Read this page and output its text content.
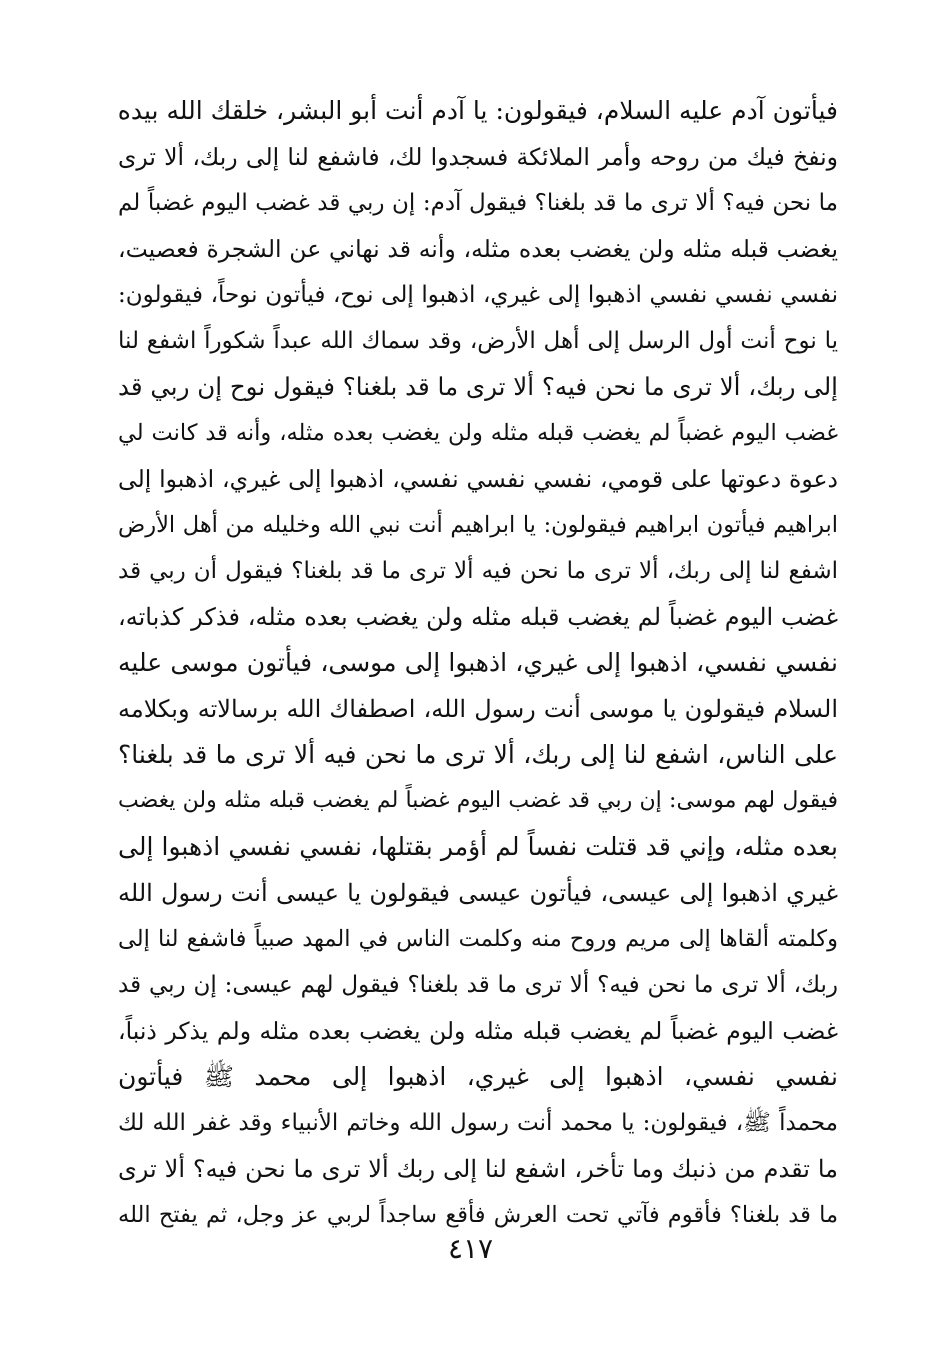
فيأتون آدم عليه السلام، فيقولون: يا آدم أنت أبو البشر، خلقك الله بيده
ونفخ فيك من روحه وأمر الملائكة فسجدوا لك، فاشفع لنا إلى ربك، ألا ترى
ما نحن فيه؟ ألا ترى ما قد بلغنا؟ فيقول آدم: إن ربي قد غضب اليوم غضباً لم
يغضب قبله مثله ولن يغضب بعده مثله، وأنه قد نهاني عن الشجرة فعصيت،
نفسي نفسي نفسي اذهبوا إلى غيري، اذهبوا إلى نوح، فيأتون نوحاً، فيقولون:
يا نوح أنت أول الرسل إلى أهل الأرض، وقد سماك الله عبداً شكوراً اشفع لنا
إلى ربك، ألا ترى ما نحن فيه؟ ألا ترى ما قد بلغنا؟ فيقول نوح إن ربي قد
غضب اليوم غضباً لم يغضب قبله مثله ولن يغضب بعده مثله، وأنه قد كانت لي
دعوة دعوتها على قومي، نفسي نفسي نفسي، اذهبوا إلى غيري، اذهبوا إلى
ابراهيم فيأتون ابراهيم فيقولون: يا ابراهيم أنت نبي الله وخليله من أهل الأرض
اشفع لنا إلى ربك، ألا ترى ما نحن فيه ألا ترى ما قد بلغنا؟ فيقول أن ربي قد
غضب اليوم غضباً لم يغضب قبله مثله ولن يغضب بعده مثله، فذكر كذباته،
نفسي نفسي، اذهبوا إلى غيري، اذهبوا إلى موسى، فيأتون موسى عليه
السلام فيقولون يا موسى أنت رسول الله، اصطفاك الله برسالاته وبكلامه
على الناس، اشفع لنا إلى ربك، ألا ترى ما نحن فيه ألا ترى ما قد بلغنا؟
فيقول لهم موسى: إن ربي قد غضب اليوم غضباً لم يغضب قبله مثله ولن يغضب
بعده مثله، وإني قد قتلت نفساً لم أؤمر بقتلها، نفسي نفسي اذهبوا إلى
غيري اذهبوا إلى عيسى، فيأتون عيسى فيقولون يا عيسى أنت رسول الله
وكلمته ألقاها إلى مريم وروح منه وكلمت الناس في المهد صبياً فاشفع لنا إلى
ربك، ألا ترى ما نحن فيه؟ ألا ترى ما قد بلغنا؟ فيقول لهم عيسى: إن ربي قد
غضب اليوم غضباً لم يغضب قبله مثله ولن يغضب بعده مثله ولم يذكر ذنباً،
نفسي نفسي، اذهبوا إلى غيري، اذهبوا إلى محمد ﷺ فيأتون
محمداً ﷺ، فيقولون: يا محمد أنت رسول الله وخاتم الأنبياء وقد غفر الله لك
ما تقدم من ذنبك وما تأخر، اشفع لنا إلى ربك ألا ترى ما نحن فيه؟ ألا ترى
ما قد بلغنا؟ فأقوم فآتي تحت العرش فأقع ساجداً لربي عز وجل، ثم يفتح الله
٤١٧
